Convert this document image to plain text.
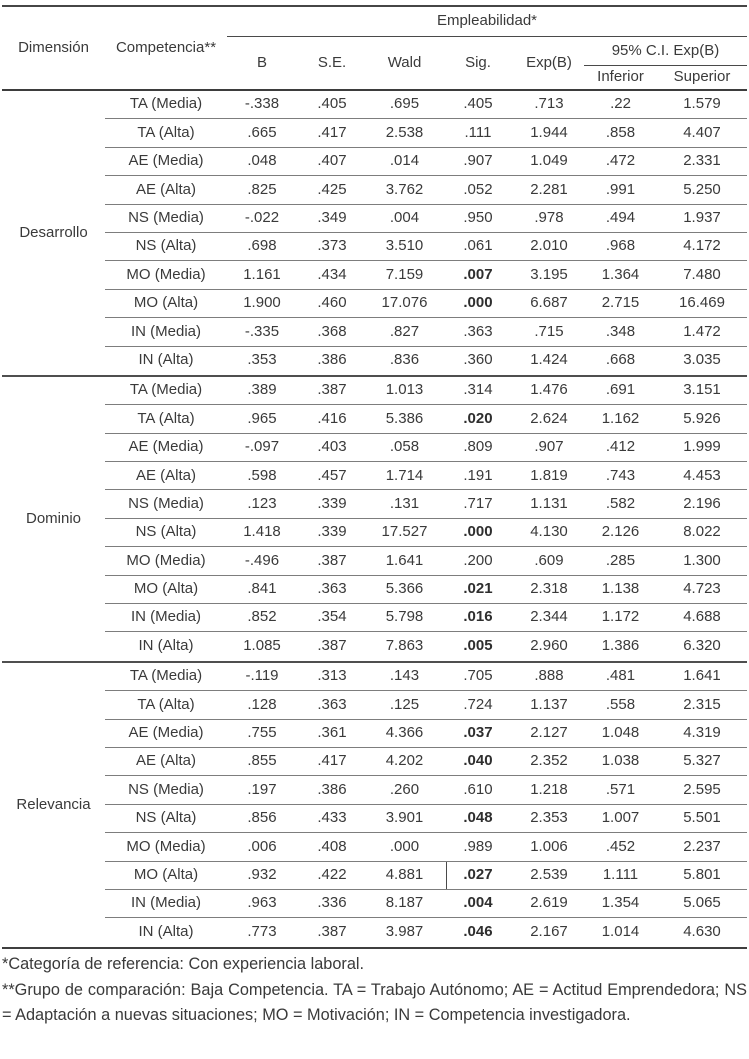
Dimensión	Competencia**
Empleabilidad*
B	S.E.	Wald	Sig.	Exp(B)
95% C.I. Exp(B)
Inferior	Superior
Desarrollo
TA (Media)	-.338	.405	.695	.405	.713	.22	1.579
TA (Alta)	.665	.417	2.538	.111	1.944	.858	4.407
AE (Media)	.048	.407	.014	.907	1.049	.472	2.331
AE (Alta)	.825	.425	3.762	.052	2.281	.991	5.250
NS (Media)	-.022	.349	.004	.950	.978	.494	1.937
NS (Alta)	.698	.373	3.510	.061	2.010	.968	4.172
MO (Media)	1.161	.434	7.159	.007	3.195	1.364	7.480
MO (Alta)	1.900	.460	17.076	.000	6.687	2.715	16.469
IN (Media)	-.335	.368	.827	.363	.715	.348	1.472
IN (Alta)	.353	.386	.836	.360	1.424	.668	3.035
Dominio
TA (Media)	.389	.387	1.013	.314	1.476	.691	3.151
TA (Alta)	.965	.416	5.386	.020	2.624	1.162	5.926
AE (Media)	-.097	.403	.058	.809	.907	.412	1.999
AE (Alta)	.598	.457	1.714	.191	1.819	.743	4.453
NS (Media)	.123	.339	.131	.717	1.131	.582	2.196
NS (Alta)	1.418	.339	17.527	.000	4.130	2.126	8.022
MO (Media)	-.496	.387	1.641	.200	.609	.285	1.300
MO (Alta)	.841	.363	5.366	.021	2.318	1.138	4.723
IN (Media)	.852	.354	5.798	.016	2.344	1.172	4.688
IN (Alta)	1.085	.387	7.863	.005	2.960	1.386	6.320
Relevancia
TA (Media)	-.119	.313	.143	.705	.888	.481	1.641
TA (Alta)	.128	.363	.125	.724	1.137	.558	2.315
AE (Media)	.755	.361	4.366	.037	2.127	1.048	4.319
AE (Alta)	.855	.417	4.202	.040	2.352	1.038	5.327
NS (Media)	.197	.386	.260	.610	1.218	.571	2.595
NS (Alta)	.856	.433	3.901	.048	2.353	1.007	5.501
MO (Media)	.006	.408	.000	.989	1.006	.452	2.237
MO (Alta)	.932	.422	4.881	.027	2.539	1.111	5.801
IN (Media)	.963	.336	8.187	.004	2.619	1.354	5.065
IN (Alta)	.773	.387	3.987	.046	2.167	1.014	4.630

*Categoría de referencia: Con experiencia laboral.

**Grupo de comparación: Baja Competencia. TA = Trabajo Autónomo; AE = Actitud Emprendedora; NS = Adaptación a nuevas situaciones; MO = Motivación; IN = Competencia investigadora.
